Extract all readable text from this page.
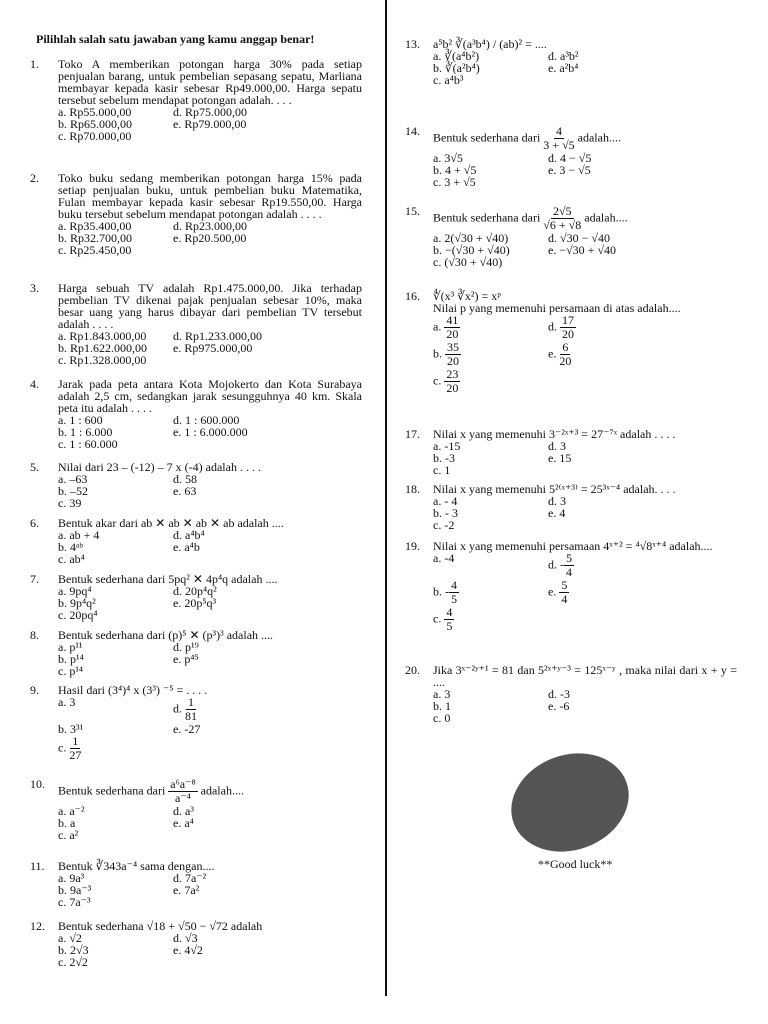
Pilihlah salah satu jawaban yang kamu anggap benar!
1.	Toko A memberikan potongan harga 30% pada setiap penjualan barang, untuk pembelian sepasang sepatu, Marliana membayar kepada kasir sebesar Rp49.000,00. Harga sepatu tersebut sebelum mendapat potongan adalah. . . .
a. Rp55.000,00	d. Rp75.000,00
b. Rp65.000,00	e. Rp79.000,00
c. Rp70.000,00
2.	Toko buku sedang memberikan potongan harga 15% pada setiap penjualan buku, untuk pembelian buku Matematika, Fulan membayar kepada kasir sebesar Rp19.550,00. Harga buku tersebut sebelum mendapat potongan adalah . . . .
a. Rp35.400,00	d. Rp23.000,00
b. Rp32.700,00	e. Rp20.500,00
c. Rp25.450,00
3.	Harga sebuah TV adalah Rp1.475.000,00. Jika terhadap pembelian TV dikenai pajak penjualan sebesar 10%, maka besar uang yang harus dibayar dari pembelian TV tersebut adalah . . . .
a. Rp1.843.000,00	d. Rp1.233.000,00
b. Rp1.622.000,00	e. Rp975.000,00
c. Rp1.328.000,00
4.	Jarak pada peta antara Kota Mojokerto dan Kota Surabaya adalah 2,5 cm, sedangkan jarak sesungguhnya 40 km. Skala peta itu adalah . . . .
a. 1 : 600	d. 1 : 600.000
b. 1 : 6.000	e. 1 : 6.000.000
c. 1 : 60.000
5.	Nilai dari 23 – (-12) – 7 x (-4) adalah . . . .
a. –63	d. 58
b. –52	e. 63
c. 39
6.	Bentuk akar dari ab ✕ ab ✕ ab ✕ ab adalah ....
a. ab + 4	d. a⁴b⁴
b. 4ᵃᵇ	e. a⁴b
c. ab⁴
7.	Bentuk sederhana dari 5pq² ✕ 4p⁴q adalah ....
a. 9pq⁴	d. 20p⁴q²
b. 9p⁴q²	e. 20p⁵q³
c. 20pq⁴
8.	Bentuk sederhana dari (p)⁵ ✕ (p³)³ adalah ....
a. p¹¹	d. p¹⁹
b. p¹⁴	e. p⁴⁵
c. p¹⁴
9.	Hasil dari (3⁴)⁴ x (3³) ⁻⁵ = . . . .
a. 3	d. $\frac{1}{81}$
b. 3³¹	e. -27
c. $\frac{1}{27}$
10.	Bentuk sederhana dari $\frac{\text{a⁶a⁻⁸}}{\text{a⁻⁴}}$ adalah....
a. a⁻²	d. a³
b. a	e. a⁴
c. a²
11.	Bentuk ∛343a⁻⁴ sama dengan....
a. 9a³	d. 7a⁻²
b. 9a⁻³	e. 7a²
c. 7a⁻³
12.	Bentuk sederhana √18 + √50 − √72 adalah
a. √2	d. √3
b. 2√3	e. 4√2
c. 2√2
13.	a⁵b² ∛(a³b⁴) / (ab)² = ....
a. ∛(a⁴b²)	d. a³b²
b. ∛(a²b⁴)	e. a²b⁴
c. a⁴b³
14.	Bentuk sederhana dari $\frac{4}{3 + √5}$ adalah....
a. 3√5	d. 4 − √5
b. 4 + √5	e. 3 − √5
c. 3 + √5
15.	Bentuk sederhana dari $\frac{2√5}{√6 + √8}$ adalah....
a. 2(√30 + √40)	d. √30 − √40
b. −(√30 + √40)	e. −√30 + √40
c. (√30 + √40)
16.	∜(x³ ∛x²) = xᵖ
Nilai p yang memenuhi persamaan di atas adalah....
a. $\frac{41}{20}$	d. $\frac{17}{20}$
b. $\frac{35}{20}$	e. $\frac{6}{20}$
c. $\frac{23}{20}$
17.	Nilai x yang memenuhi 3⁻²ˣ⁺³ = 27⁻⁷ˣ adalah . . . .
a. -15	d. 3
b. -3	e. 15
c. 1
18.	Nilai x yang memenuhi 5²⁽ˣ⁺³⁾ = 25³ˣ⁻⁴ adalah. . . .
a. - 4	d. 3
b. - 3	e. 4
c. -2
19.	Nilai x yang memenuhi persamaan 4ˣ⁺² = ⁴√8ˣ⁺⁴ adalah....
a. -4	d. - $\frac{5}{4}$
b. - $\frac{4}{5}$	e. $\frac{5}{4}$
c. $\frac{4}{5}$
20.	Jika 3ˣ⁻²ʸ⁺¹ = 81 dan 5²ˣ⁺ʸ⁻³ = 125ˣ⁻ʸ , maka nilai dari x + y = ....
a. 3	d. -3
b. 1	e. -6
c. 0
**Good luck**
